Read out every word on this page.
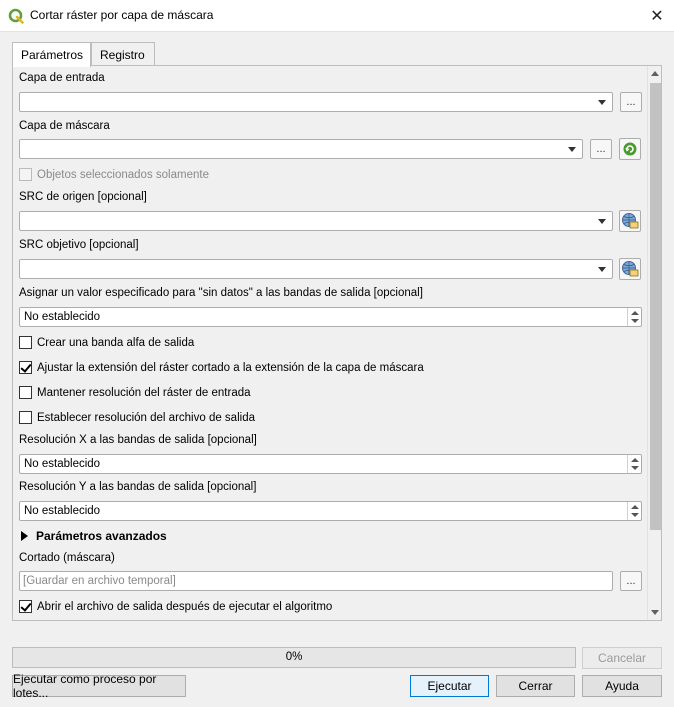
Cortar ráster por capa de máscara	✕
Parámetros Registro
Capa de entrada
...
Capa de máscara
...
Objetos seleccionados solamente
SRC de origen [opcional]
SRC objetivo [opcional]
Asignar un valor especificado para "sin datos" a las bandas de salida [opcional]
No establecido
Crear una banda alfa de salida
Ajustar la extensión del ráster cortado a la extensión de la capa de máscara
Mantener resolución del ráster de entrada
Establecer resolución del archivo de salida
Resolución X a las bandas de salida [opcional]
No establecido
Resolución Y a las bandas de salida [opcional]
No establecido
Parámetros avanzados
Cortado (máscara)
[Guardar en archivo temporal]	...
Abrir el archivo de salida después de ejecutar el algoritmo
0%	Cancelar
Ejecutar como proceso por lotes...	Ejecutar	Cerrar	Ayuda
